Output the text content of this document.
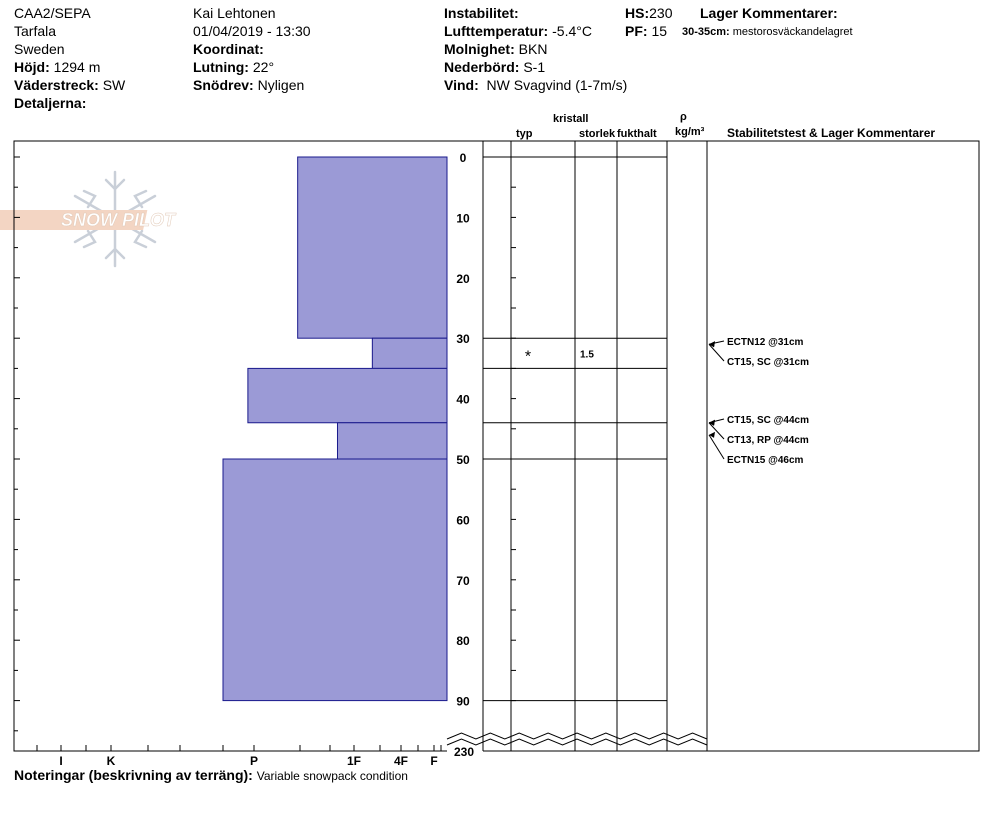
CAA2/SEPA
Tarfala
Sweden
Höjd: 1294 m
Väderstreck: SW
Detaljerna:
Kai Lehtonen
01/04/2019 - 13:30
Koordinat:
Lutning: 22°
Snödrev: Nyligen
Instabilitet:
Lufttemperatur: -5.4°C
Molnighet: BKN
Nederbörd: S-1
Vind: NW Svagvind (1-7m/s)
HS:230
PF: 15
Lager Kommentarer:
30-35cm: mestorosväckandelagret
ρ
kg/m³
kristall
typ	storlek fukthalt	Stabilitetstest & Lager Kommentarer
Noteringar (beskrivning av terräng): Variable snowpack condition
SNOW PILOT
I	K	P	1F	4F F
0
10
20
30
40
50
60
70
80
90
230
*	1.5
ECTN12 @31cm
CT15, SC @31cm
CT15, SC @44cm
CT13, RP @44cm
ECTN15 @46cm
